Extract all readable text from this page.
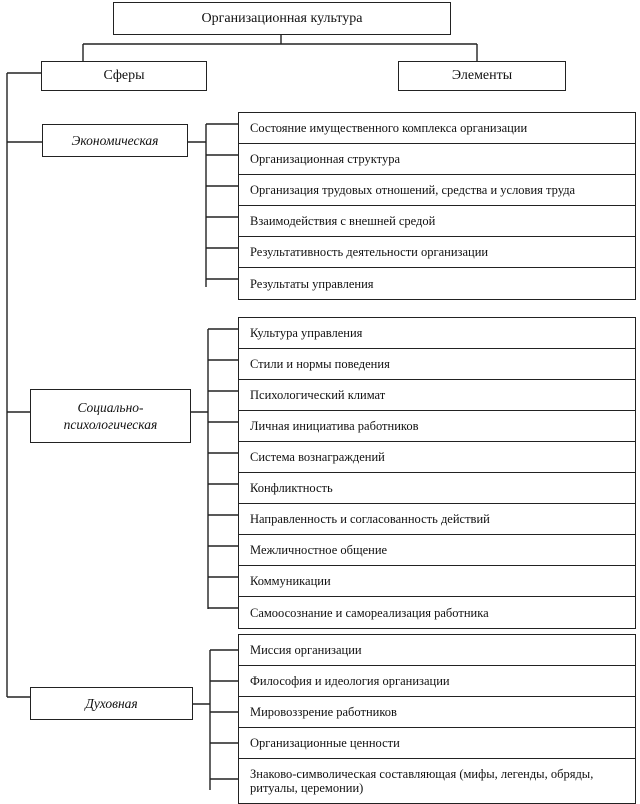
Организационная культура
Сферы	Элементы
Экономическая
Социально-
психологическая
Духовная
Состояние имущественного комплекса организации
Организационная структура
Организация трудовых отношений, средства и условия труда
Взаимодействия с внешней средой
Результативность деятельности организации
Результаты управления
Культура управления
Стили и нормы поведения
Психологический климат
Личная инициатива работников
Система вознаграждений
Конфликтность
Направленность и согласованность действий
Межличностное общение
Коммуникации
Самоосознание и самореализация работника
Миссия организации
Философия и идеология организации
Мировоззрение работников
Организационные ценности
Знаково-символическая составляющая (мифы, легенды, обряды, ритуалы, церемонии)
